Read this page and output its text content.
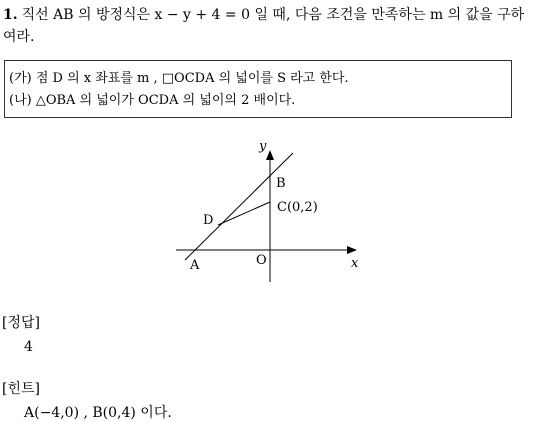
1. 직선 AB 의 방정식은 x − y + 4 = 0 일 때, 다음 조건을 만족하는 m 의 값을 구하여라.
(가) 점 D 의 x 좌표를 m , □OCDA 의 넓이를 S 라고 한다.
(나) △OBA 의 넓이가 OCDA 의 넓이의 2 배이다.
y
x
O
A
B
C(0,2)
D
[정답]
4
[힌트]
A(−4,0) , B(0,4) 이다.
